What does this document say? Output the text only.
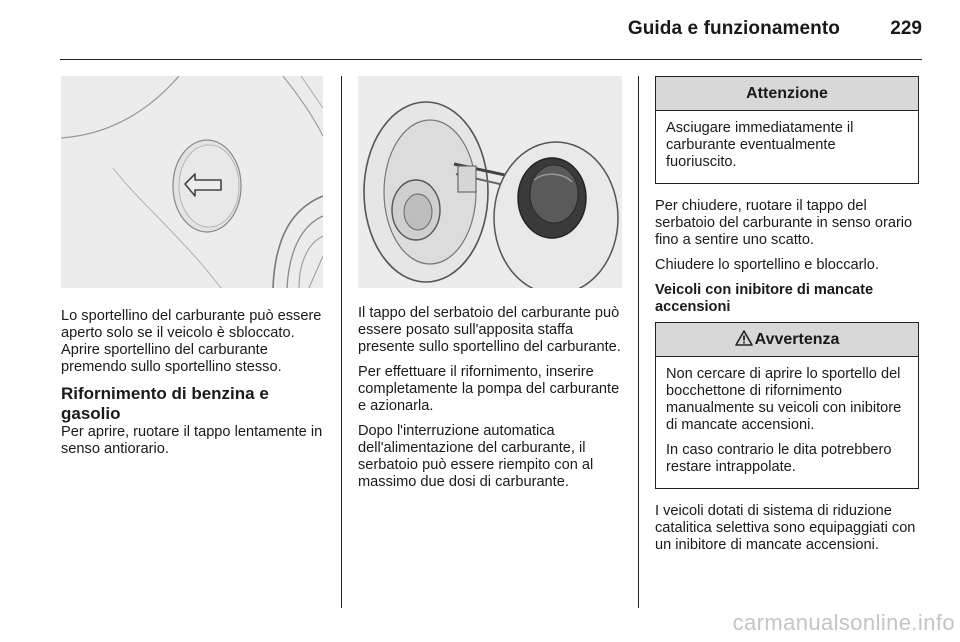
Guida e funzionamento	229

Lo sportellino del carburante può essere aperto solo se il veicolo è sbloccato. Aprire sportellino del carburante premendo sullo sportellino stesso.

Rifornimento di benzina e gasolio

Per aprire, ruotare il tappo lentamente in senso antiorario.

Il tappo del serbatoio del carburante può essere posato sull'apposita staffa presente sullo sportellino del carburante.

Per effettuare il rifornimento, inserire completamente la pompa del carburante e azionarla.

Dopo l'interruzione automatica dell'alimentazione del carburante, il serbatoio può essere riempito con al massimo due dosi di carburante.

Attenzione

Asciugare immediatamente il carburante eventualmente fuoriuscito.

Per chiudere, ruotare il tappo del serbatoio del carburante in senso orario fino a sentire uno scatto.

Chiudere lo sportellino e bloccarlo.

Veicoli con inibitore di mancate accensioni
Avvertenza

Non cercare di aprire lo sportello del bocchettone di rifornimento manualmente su veicoli con inibitore di mancate accensioni.

In caso contrario le dita potrebbero restare intrappolate.

I veicoli dotati di sistema di riduzione catalitica selettiva sono equipaggiati con un inibitore di mancate accensioni.

carmanualsonline.info
